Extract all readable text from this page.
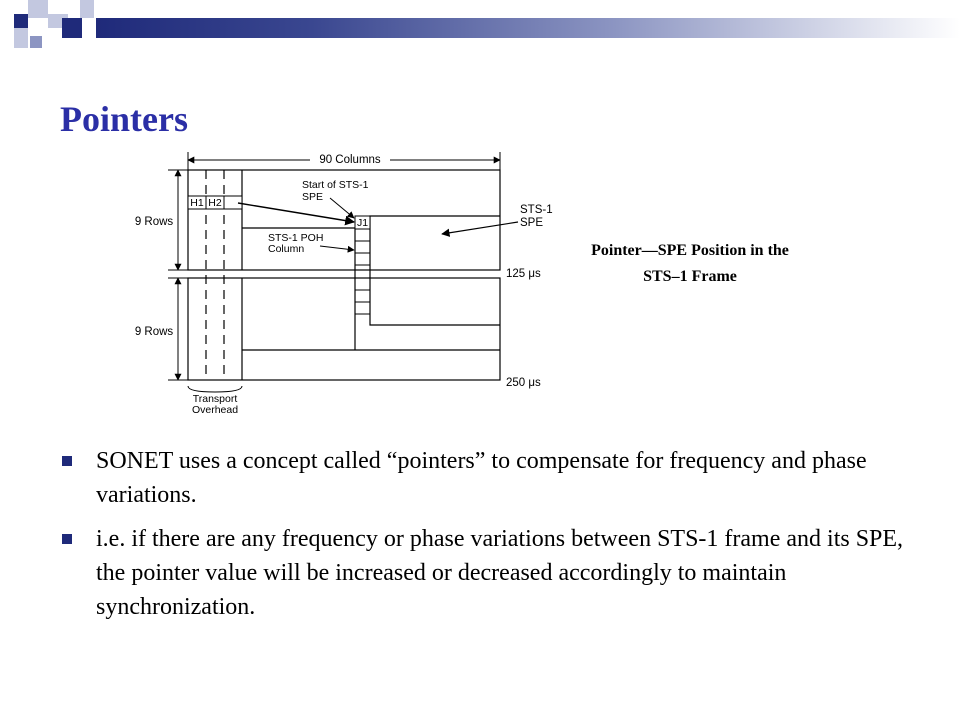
Pointers
90 Columns
9 Rows
9 Rows
H1 H2
J1
Start of STS-1
SPE
STS-1 POH
Column
STS-1
SPE
125 μs
250 μs
Transport
Overhead
Pointer—SPE Position in the
STS–1 Frame
SONET uses a concept called “pointers” to compensate for frequency and phase variations.
i.e. if there are any frequency or phase variations between STS-1 frame and its SPE, the pointer value will be increased or decreased accordingly to maintain synchronization.
